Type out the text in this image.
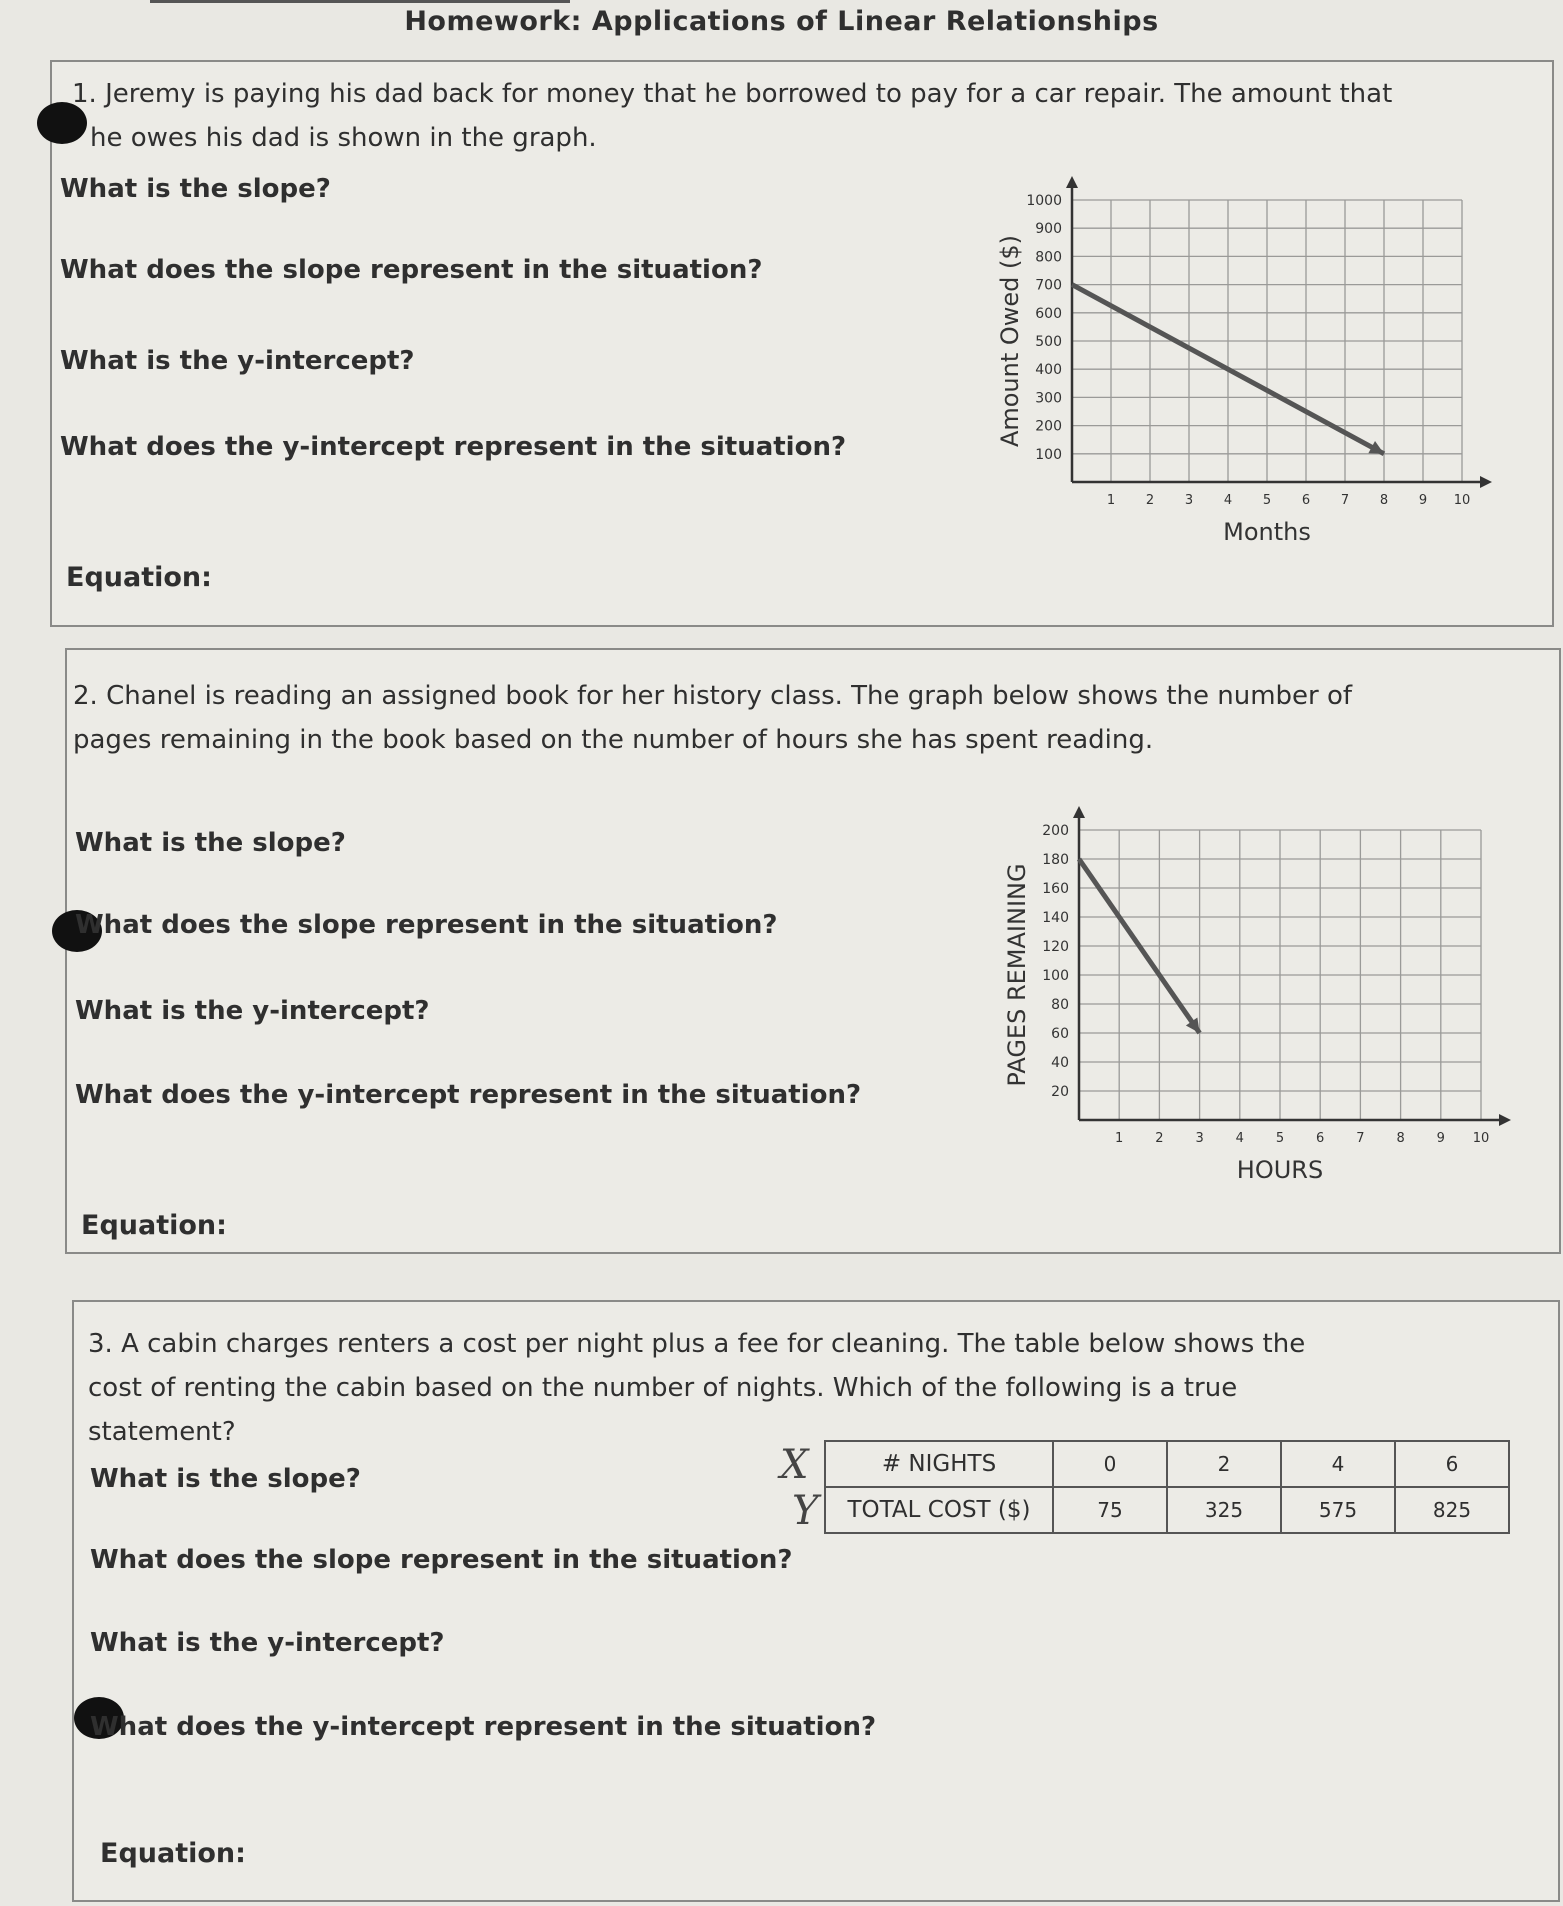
Homework: Applications of Linear Relationships
1. Jeremy is paying his dad back for money that he borrowed to pay for a car repair. The amount that
he owes his dad is shown in the graph.
What is the slope?
What does the slope represent in the situation?
What is the y-intercept?
What does the y-intercept represent in the situation?
Equation:
100
200
300
400
500
600
700
800
900
1000
1 2 3 4 5 6 7 8 9 10
Months
Amount Owed ($)
2. Chanel is reading an assigned book for her history class. The graph below shows the number of
pages remaining in the book based on the number of hours she has spent reading.
What is the slope?
What does the slope represent in the situation?
What is the y-intercept?
What does the y-intercept represent in the situation?
Equation:
20
40
60
80
100
120
140
160
180
200
1 2 3 4 5 6 7 8 9 10
HOURS
PAGES REMAINING
3. A cabin charges renters a cost per night plus a fee for cleaning. The table below shows the
cost of renting the cabin based on the number of nights. Which of the following is a true
statement?
What is the slope?
What does the slope represent in the situation?
What is the y-intercept?
What does the y-intercept represent in the situation?
Equation:
X
Y
# NIGHTS	0	2	4	6
TOTAL COST ($)	75	325	575	825
